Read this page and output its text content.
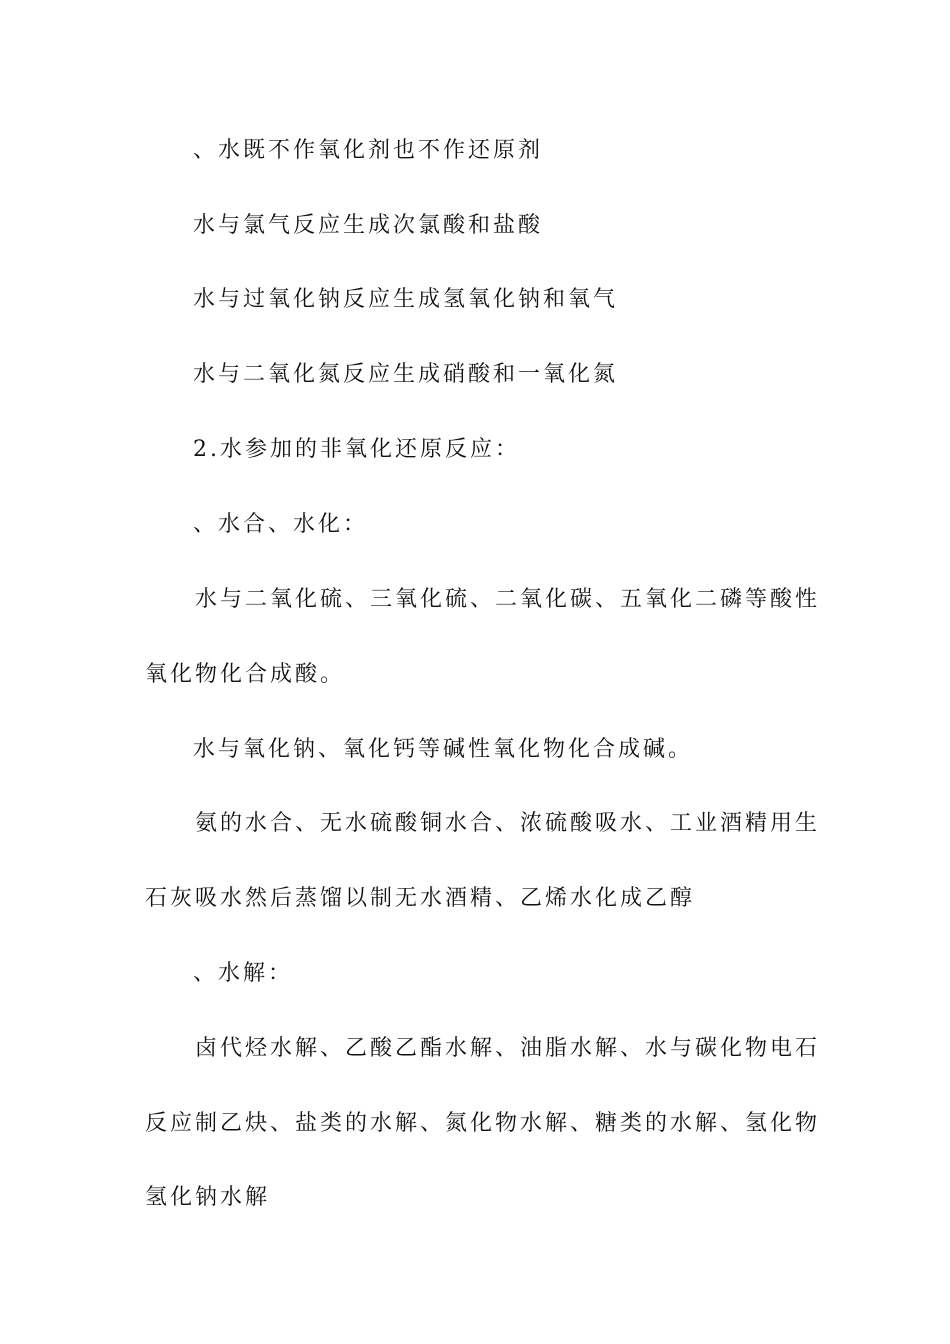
、水既不作氧化剂也不作还原剂
水与氯气反应生成次氯酸和盐酸
水与过氧化钠反应生成氢氧化钠和氧气
水与二氧化氮反应生成硝酸和一氧化氮
2.水参加的非氧化还原反应：
、水合、水化：
水与二氧化硫、三氧化硫、二氧化碳、五氧化二磷等酸性
氧化物化合成酸。
水与氧化钠、氧化钙等碱性氧化物化合成碱。
氨的水合、无水硫酸铜水合、浓硫酸吸水、工业酒精用生
石灰吸水然后蒸馏以制无水酒精、乙烯水化成乙醇
、水解：
卤代烃水解、乙酸乙酯水解、油脂水解、水与碳化物电石
反应制乙炔、盐类的水解、氮化物水解、糖类的水解、氢化物
氢化钠水解
